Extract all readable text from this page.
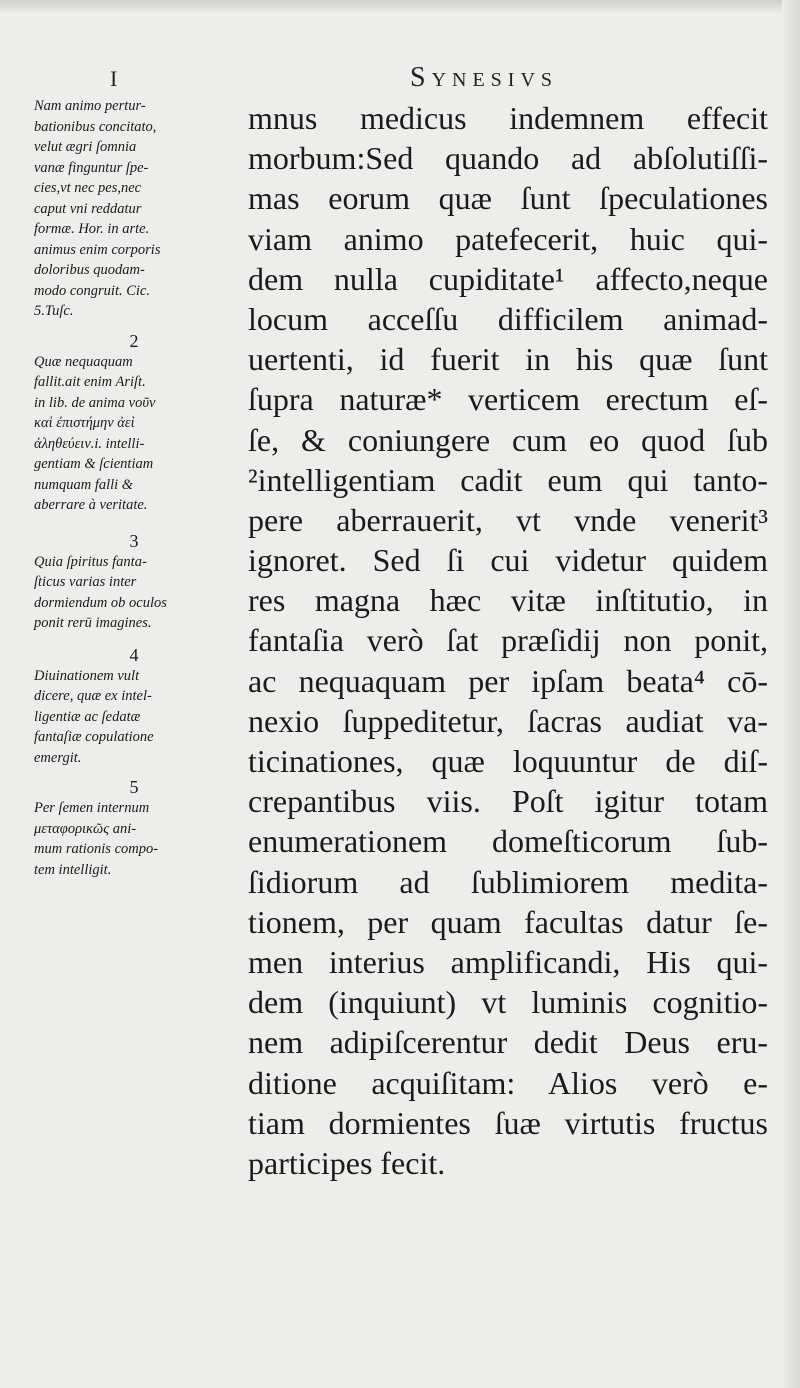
I	Synesivs
Nam animo pertur-
bationibus concitato,
velut ægri ſomnia
vanæ finguntur ſpe-
cies,vt nec pes,nec
caput vni reddatur
formæ. Hor. in arte.
animus enim corporis
doloribus quodam-
modo congruit. Cic.
5.Tuſc.
2
Quæ nequaquam
fallit.ait enim Ariſt.
in lib. de anima νοῦν
καὶ ἐπιστήμην ἀεὶ
ἀληθεύειν.i. intelli-
gentiam & ſcientiam
numquam falli &
aberrare à veritate.
3
Quia ſpiritus fanta-
ſticus varias inter
dormiendum ob oculos
ponit rerū imagines.
4
Diuinationem vult
dicere, quæ ex intel-
ligentiæ ac ſedatæ
fantaſiæ copulatione
emergit.
5
Per ſemen internum
μεταφορικῶς ani-
mum rationis compo-
tem intelligit.
mnus medicus indemnem effecit
morbum:Sed quando ad abſolutiſſi-
mas eorum quæ ſunt ſpeculationes
viam animo patefecerit, huic qui-
dem nulla cupiditate¹ affecto,neque
locum acceſſu difficilem animad-
uertenti, id fuerit in his quæ ſunt
ſupra naturæ* verticem erectum eſ-
ſe, & coniungere cum eo quod ſub
²intelligentiam cadit eum qui tanto-
pere aberrauerit, vt vnde venerit³
ignoret. Sed ſi cui videtur quidem
res magna hæc vitæ inſtitutio, in
fantaſia verò ſat præſidij non ponit,
ac nequaquam per ipſam beata⁴ cō-
nexio ſuppeditetur, ſacras audiat va-
ticinationes, quæ loquuntur de diſ-
crepantibus viis. Poſt igitur totam
enumerationem domeſticorum ſub-
ſidiorum ad ſublimiorem medita-
tionem, per quam facultas datur ſe-
men interius amplificandi, His qui-
dem (inquiunt) vt luminis cognitio-
nem adipiſcerentur dedit Deus eru-
ditione acquiſitam: Alios verò e-
tiam dormientes ſuæ virtutis fructus
participes fecit.
